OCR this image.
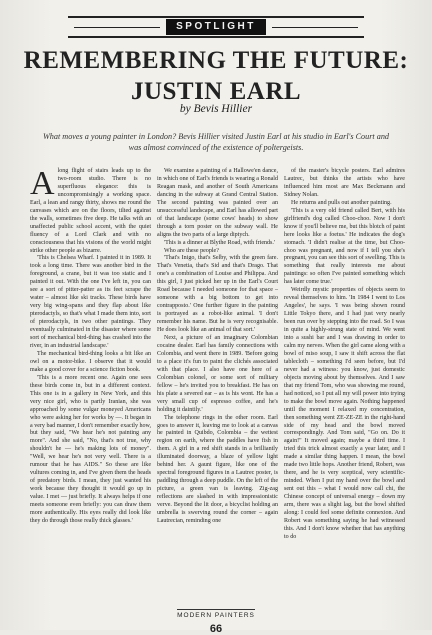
SPOTLIGHT
REMEMBERING THE FUTURE:
JUSTIN EARL
by Bevis Hillier
What moves a young painter in London? Bevis Hillier visited Justin Earl at his studio in Earl's Court and was almost convinced of the existence of poltergeists.

Along flight of stairs leads up to the two-room studio. There is no superfluous elegance: this is uncompromisingly a working space. Earl, a lean and rangy thirty, shows me round the canvases which are on the floors, tilted against the walls, sometimes five deep. He talks with an unaffected public school accent, with the quiet fluency of a Lord Clark and with no consciousness that his visions of the world might strike other people as bizarre.

'This is Chelsea Wharf. I painted it in 1989. It took a long time. There was another bird in the foreground, a crane, but it was too static and I painted it out. With the one I've left in, you can see a sort of pitter-patter as its feet scrape the water – almost like ski tracks. These birds have very big wing-spans and they flap about like pterodactyls, so that's what I made them into, sort of pterodactyls, in two other paintings. They eventually culminated in the disaster where some sort of mechanical bird-thing has crashed into the river, in an industrial landscape.'

The mechanical bird-thing looks a bit like an owl on a motor-bike. I observe that it would make a good cover for a science fiction book.

'This is a more recent one. Again one sees these birds come in, but in a different context. This one is in a gallery in New York, and this very nice girl, who is partly Iranian, she was approached by some vulgar moneyed Americans who were asking her for works by —. It began in a very bad manner, I don't remember exactly how, but they said, "We hear he's not painting any more". And she said, "No, that's not true, why shouldn't he — he's making lots of money". "Well, we hear he's not very well. There is a rumour that he has AIDS." So these are like vultures coming in, and I've given them the heads of predatory birds. I mean, they just wanted his work because they thought it would go up in value. I met — just briefly. It always helps if one meets someone even briefly: you can draw them more authentically. His eyes really did look like they do through those really thick glasses.'

We examine a painting of a Hallowe'en dance, in which one of Earl's friends is wearing a Ronald Reagan mask, and another of South Americans dancing in the subway at Grand Central Station. The second painting was painted over an unsuccessful landscape, and Earl has allowed part of that landscape (some cows' heads) to show through a torn poster on the subway wall. He aligns the two parts of a large diptych.

'This is a dinner at Blythe Road, with friends.'

Who are these people?

'That's Inigo, that's Selby, with the green fare. That's Venetia, that's Sid and that's Drago. That one's a combination of Louise and Philippa. And this girl, I just picked her up in the Earl's Court Road because I needed someone for that space – someone with a big bottom to get into contrapposto.' One further figure in the painting is portrayed as a robot-like animal. 'I don't remember his name. But he is very recognisable. He does look like an animal of that sort.'

Next, a picture of an imaginary Colombian cocaine dealer. Earl has family connections with Colombia, and went there in 1989. 'Before going to a place it's fun to paint the clichés associated with that place. I also have one here of a Colombian colonel, or some sort of military fellow – he's invited you to breakfast. He has on his plate a severed ear – as is his wont. He has a very small cup of espresso coffee, and he's holding it daintily.'

The telephone rings in the other room. Earl goes to answer it, leaving me to look at a canvas he painted in Quibdo, Colombia – the wettest region on earth, where the paddles have fish in them. A girl in a red shift stands in a brilliantly illuminated doorway, a blaze of yellow light behind her. A gaunt figure, like one of the spectral foreground figures in a Lautrec poster, is paddling through a deep puddle. On the left of the picture, a green van is leaving. Zig-zag reflections are slashed in with impressionistic verve. Beyond the lit door, a bicyclist holding an umbrella is swerving round the corner – again Lautrecian, reminding one

of the master's bicycle posters. Earl admires Lautrec, but thinks the artists who have influenced him most are Max Beckmann and Sidney Nolan.

He returns and pulls out another painting.

'This is a very old friend called Bert, with his girlfriend's dog called Choo-choo. Now I don't know if you'll believe me, but this blotch of paint here looks like a foetus.' He indicates the dog's stomach. 'I didn't realise at the time, but Choo-choo was pregnant, and now if I tell you she's pregnant, you can see this sort of swelling. This is something that really interests me about paintings: so often I've painted something which has later come true.'

Weirdly mystic properties of objects seem to reveal themselves to him. 'In 1984 I went to Los Angeles', he says. 'I was being shown round Little Tokyo there, and I had just very nearly been run over by stepping into the road. So I was in quite a highly-strung state of mind. We went into a sushi bar and I was drawing in order to calm my nerves. When the girl came along with a bowl of miso soup, I saw it shift across the flat tablecloth – something I'd seen before, but I'd never had a witness: you know, just domestic objects moving about by themselves. And I saw that my friend Tom, who was showing me round, had noticed, so I put all my will power into trying to make the bowl move again. Nothing happened until the moment I relaxed my concentration, then something went ZE-ZE-ZE in the right-hand side of my head and the bowl moved correspondingly. And Tom said, "Go on. Do it again!" It moved again; maybe a third time. I tried this trick almost exactly a year later, and I made a similar thing happen. I mean, the bowl made two little hops. Another friend, Robert, was there, and he is very sceptical, very scientific-minded. When I put my hand over the bowl and sent out this – what I would now call chi, the Chinese concept of universal energy – down my arm, there was a slight lag, but the bowl shifted along: I could feel some definite connexion. And Robert was something saying he had witnessed this. And I don't know whether that has anything to do

MODERN PAINTERS
66
